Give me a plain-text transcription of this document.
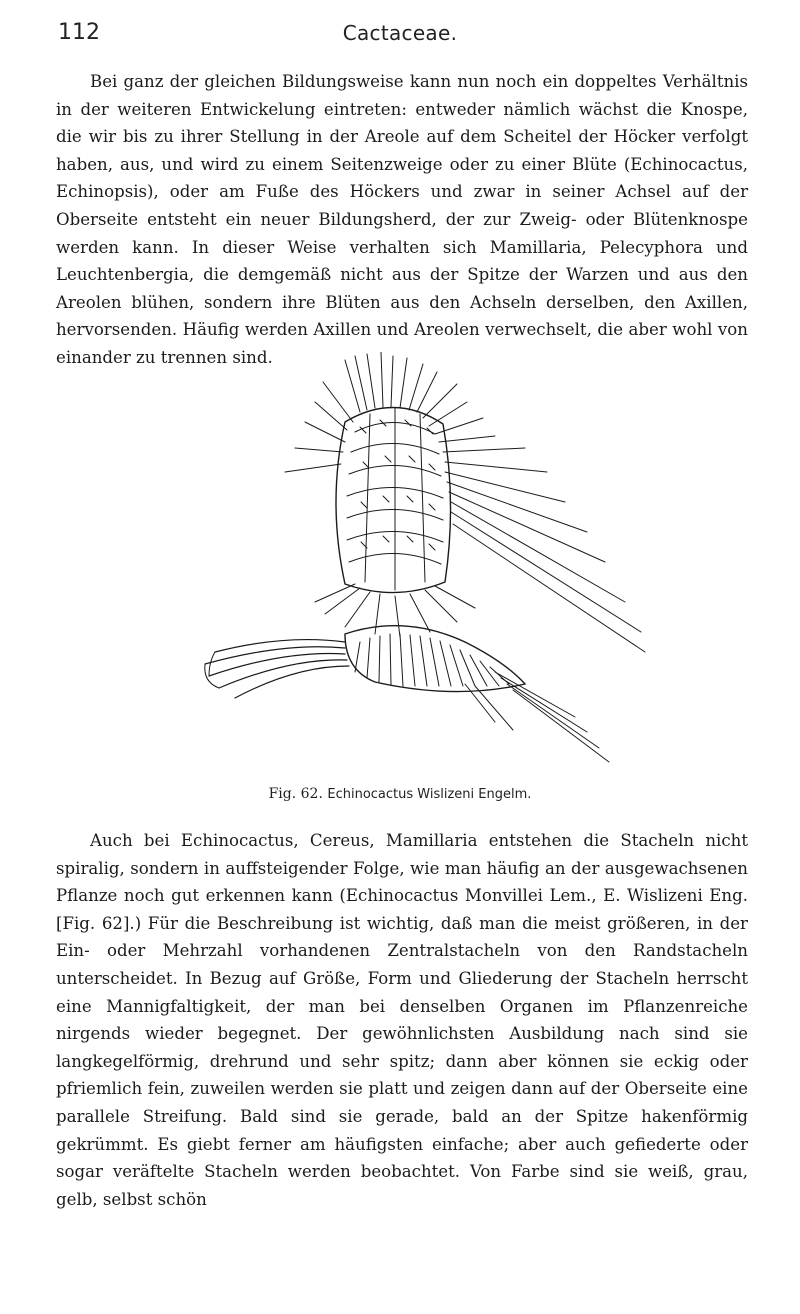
112	Cactaceae.

Bei ganz der gleichen Bildungsweise kann nun noch ein doppeltes Verhältnis in der weiteren Entwickelung eintreten: entweder nämlich wächst die Knospe, die wir bis zu ihrer Stellung in der Areole auf dem Scheitel der Höcker verfolgt haben, aus, und wird zu einem Seitenzweige oder zu einer Blüte (Echinocactus, Echinopsis), oder am Fuße des Höckers und zwar in seiner Achsel auf der Oberseite entsteht ein neuer Bildungsherd, der zur Zweig- oder Blütenknospe werden kann. In dieser Weise verhalten sich Mamillaria, Pelecyphora und Leuchtenbergia, die demgemäß nicht aus der Spitze der Warzen und aus den Areolen blühen, sondern ihre Blüten aus den Achseln derselben, den Axillen, hervorsenden. Häufig werden Axillen und Areolen verwechselt, die aber wohl von einander zu trennen sind.

Fig. 62. Echinocactus Wislizeni Engelm.

Auch bei Echinocactus, Cereus, Mamillaria entstehen die Stacheln nicht spiralig, sondern in auffsteigender Folge, wie man häufig an der ausgewachsenen Pflanze noch gut erkennen kann (Echinocactus Monvillei Lem., E. Wislizeni Eng. [Fig. 62].) Für die Beschreibung ist wichtig, daß man die meist größeren, in der Ein- oder Mehrzahl vorhandenen Zentralstacheln von den Randstacheln unterscheidet. In Bezug auf Größe, Form und Gliederung der Stacheln herrscht eine Mannigfaltigkeit, der man bei denselben Organen im Pflanzenreiche nirgends wieder begegnet. Der gewöhnlichsten Ausbildung nach sind sie langkegelförmig, drehrund und sehr spitz; dann aber können sie eckig oder pfriemlich fein, zuweilen werden sie platt und zeigen dann auf der Oberseite eine parallele Streifung. Bald sind sie gerade, bald an der Spitze hakenförmig gekrümmt. Es giebt ferner am häufigsten einfache; aber auch gefiederte oder sogar veräftelte Stacheln werden beobachtet. Von Farbe sind sie weiß, grau, gelb, selbst schön
